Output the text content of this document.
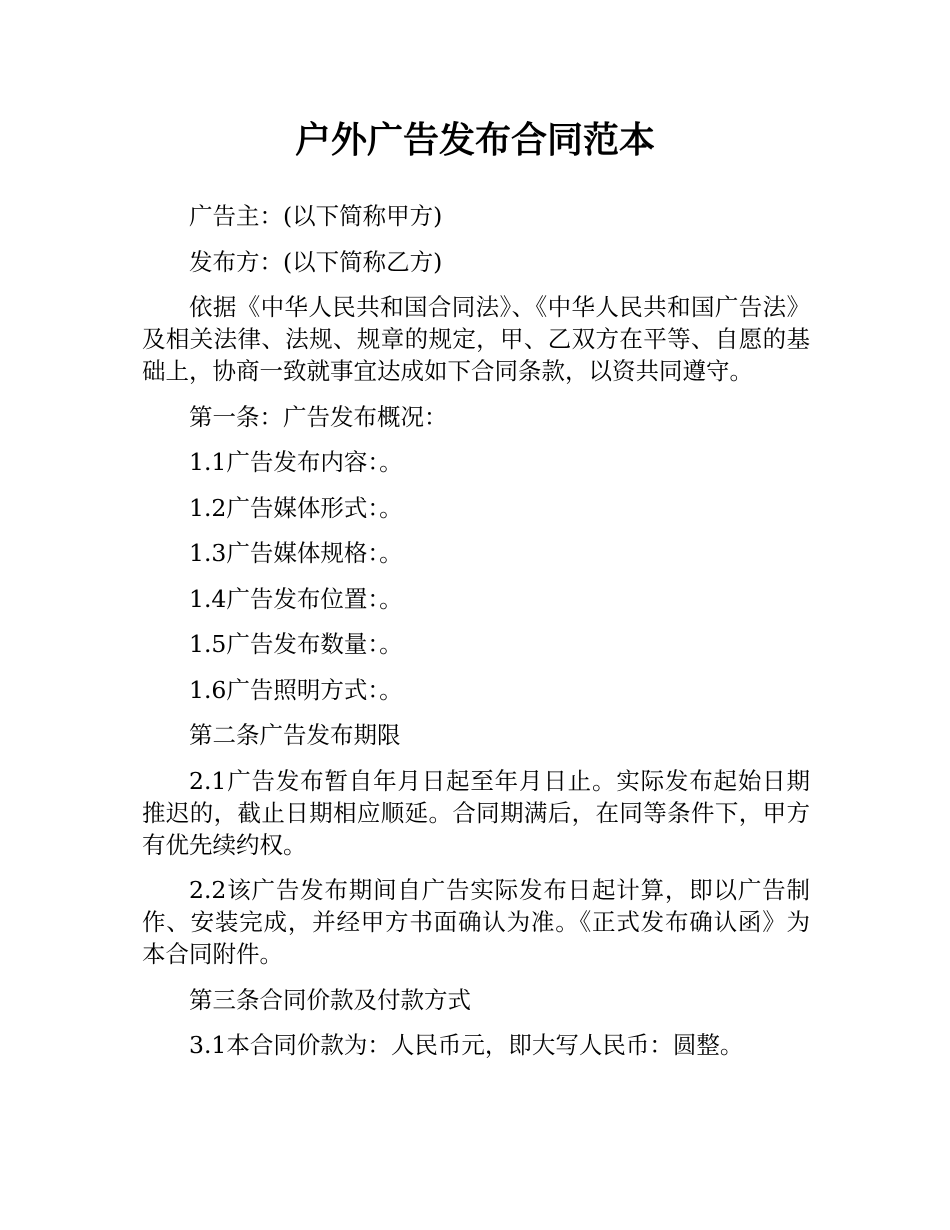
户外广告发布合同范本

广告主：(以下简称甲方)

发布方：(以下简称乙方)

依据《中华人民共和国合同法》、《中华人民共和国广告法》及相关法律、法规、规章的规定，甲、乙双方在平等、自愿的基础上，协商一致就事宜达成如下合同条款，以资共同遵守。

第一条：广告发布概况：

1.1广告发布内容：。

1.2广告媒体形式：。

1.3广告媒体规格：。

1.4广告发布位置：。

1.5广告发布数量：。

1.6广告照明方式：。

第二条广告发布期限

2.1广告发布暂自年月日起至年月日止。实际发布起始日期推迟的，截止日期相应顺延。合同期满后，在同等条件下，甲方有优先续约权。

2.2该广告发布期间自广告实际发布日起计算，即以广告制作、安装完成，并经甲方书面确认为准。《正式发布确认函》为本合同附件。

第三条合同价款及付款方式

3.1本合同价款为：人民币元，即大写人民币：圆整。
